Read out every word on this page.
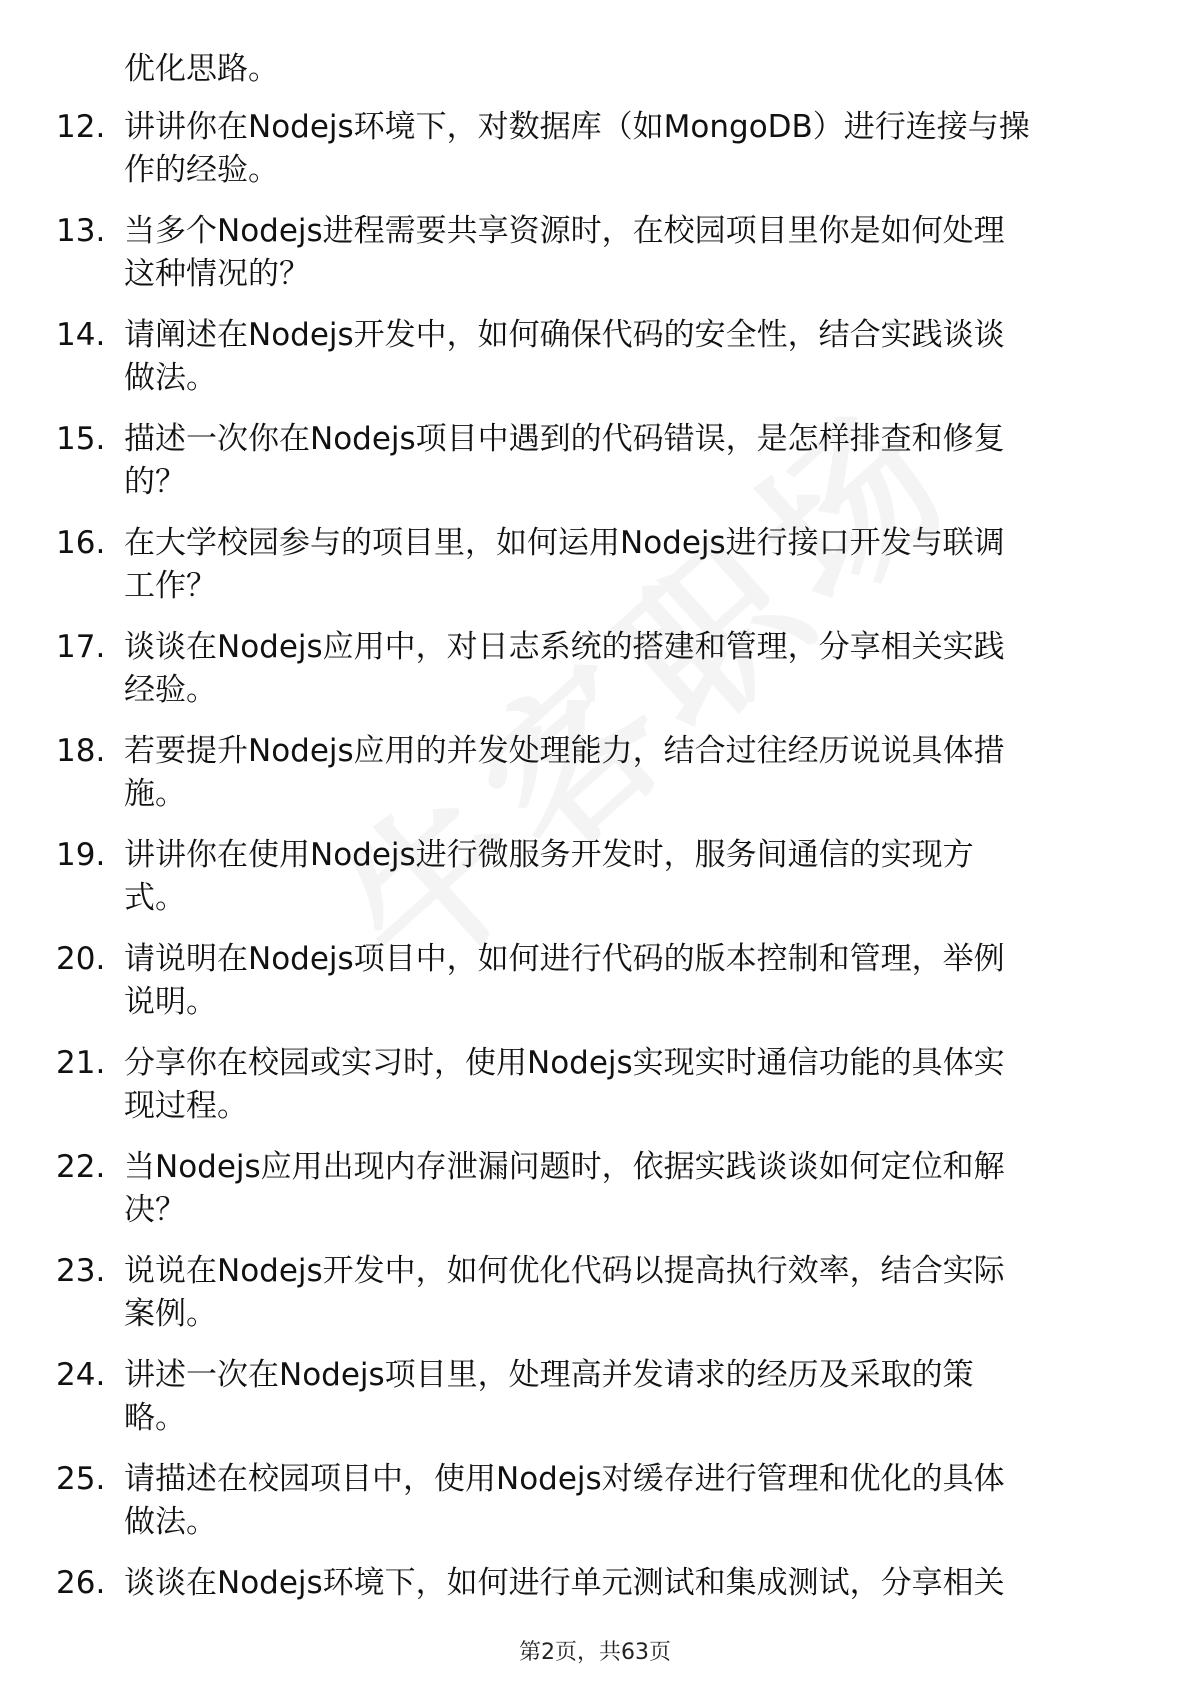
优化思路。
12. 讲讲你在Nodejs环境下，对数据库（如MongoDB）进行连接与操
作的经验。
13. 当多个Nodejs进程需要共享资源时，在校园项目里你是如何处理
这种情况的？
14. 请阐述在Nodejs开发中，如何确保代码的安全性，结合实践谈谈
做法。
15. 描述一次你在Nodejs项目中遇到的代码错误，是怎样排查和修复
的？
16. 在大学校园参与的项目里，如何运用Nodejs进行接口开发与联调
工作？
17. 谈谈在Nodejs应用中，对日志系统的搭建和管理，分享相关实践
经验。
18. 若要提升Nodejs应用的并发处理能力，结合过往经历说说具体措
施。
19. 讲讲你在使用Nodejs进行微服务开发时，服务间通信的实现方
式。
20. 请说明在Nodejs项目中，如何进行代码的版本控制和管理，举例
说明。
21. 分享你在校园或实习时，使用Nodejs实现实时通信功能的具体实
现过程。
22. 当Nodejs应用出现内存泄漏问题时，依据实践谈谈如何定位和解
决？
23. 说说在Nodejs开发中，如何优化代码以提高执行效率，结合实际
案例。
24. 讲述一次在Nodejs项目里，处理高并发请求的经历及采取的策
略。
25. 请描述在校园项目中，使用Nodejs对缓存进行管理和优化的具体
做法。
26. 谈谈在Nodejs环境下，如何进行单元测试和集成测试，分享相关
第2页，共63页
